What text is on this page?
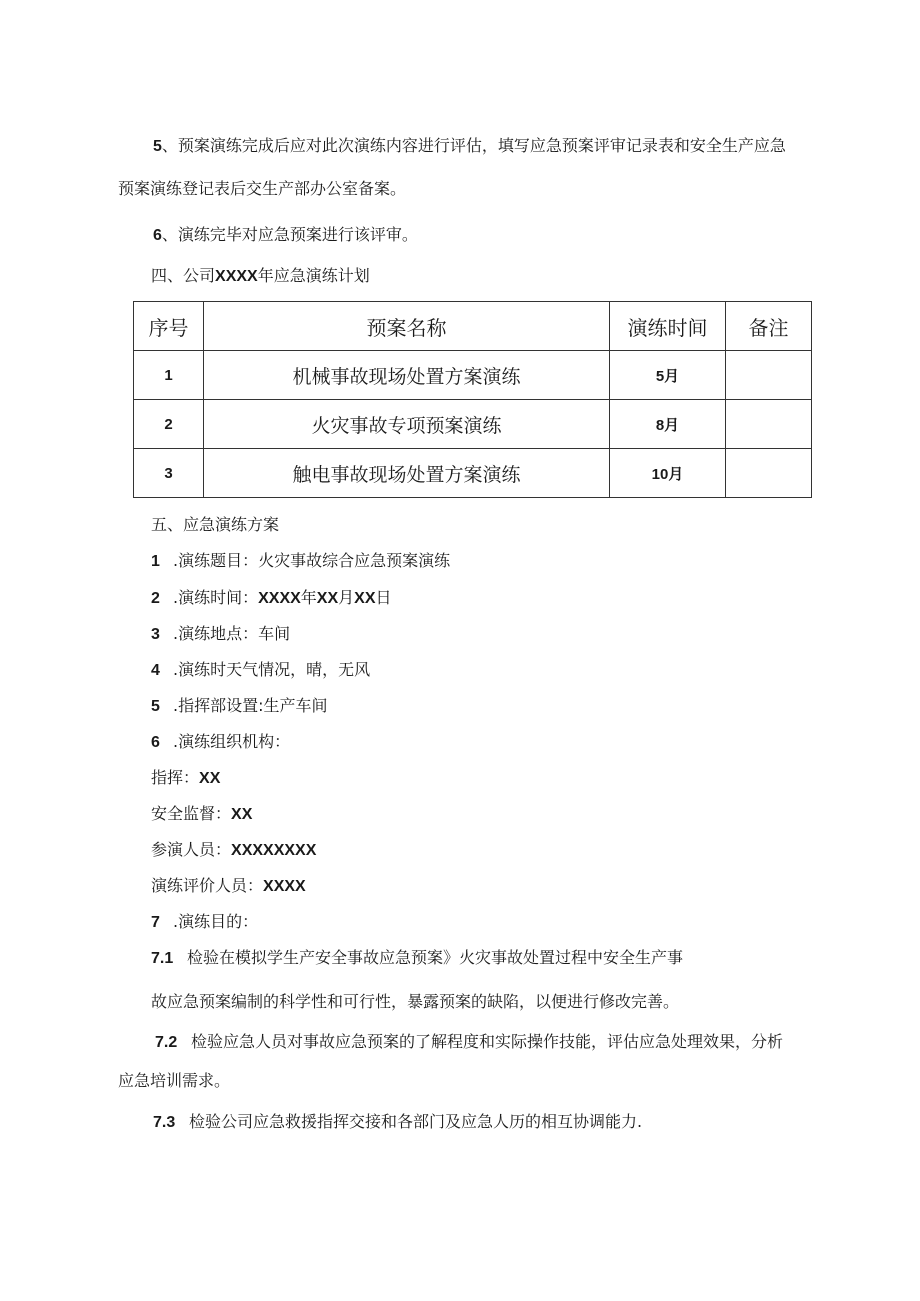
5、预案演练完成后应对此次演练内容进行评估，填写应急预案评审记录表和安全生产应急
预案演练登记表后交生产部办公室备案。
6、演练完毕对应急预案进行该评审。
四、公司XXXX年应急演练计划
序号	预案名称	演练时间	备注
1	机械事故现场处置方案演练	5月	
2	火灾事故专项预案演练	8月	
3	触电事故现场处置方案演练	10月	
五、应急演练方案
1 .演练题目：火灾事故综合应急预案演练
2 .演练时间：XXXX年XX月XX日
3 .演练地点：车间
4 .演练时天气情况，晴，无风
5 .指挥部设置:生产车间
6 .演练组织机构：
指挥：XX
安全监督：XX
参演人员：XXXXXXXX
演练评价人员：XXXX
7 .演练目的：
7.1 检验在模拟学生产安全事故应急预案》火灾事故处置过程中安全生产事
故应急预案编制的科学性和可行性，暴露预案的缺陷，以便进行修改完善。
7.2 检验应急人员对事故应急预案的了解程度和实际操作技能，评估应急处理效果，分析
应急培训需求。
7.3 检验公司应急救援指挥交接和各部门及应急人历的相互协调能力.
